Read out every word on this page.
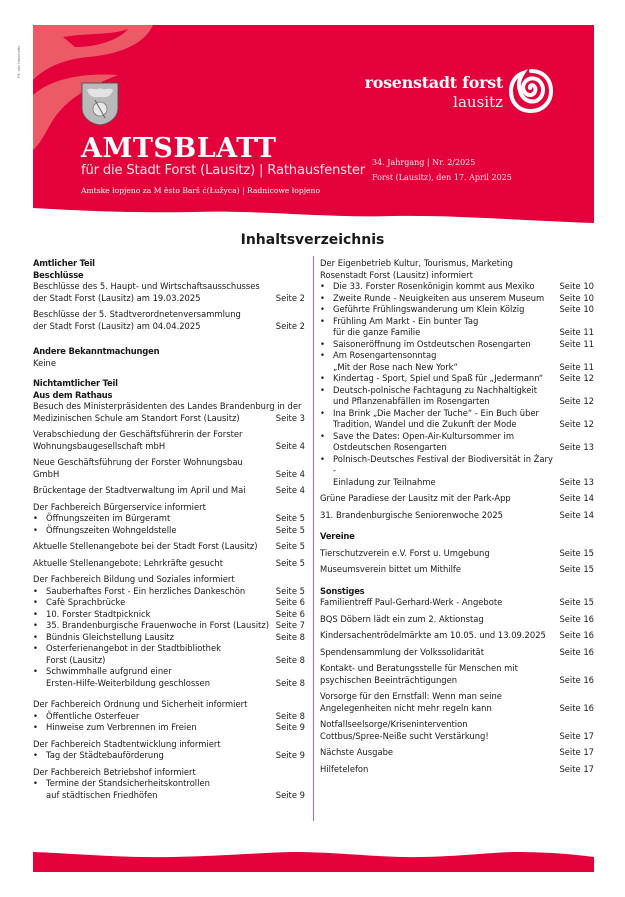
Fit: allo Hauchville
rosenstadt forst
lausitz
AMTSBLATT
für die Stadt Forst (Lausitz) | Rathausfenster
Amtske łopjeno za M ěsto Barš ć(Łužyca) | Radnicowe łopjeno
34. Jahrgang | Nr. 2/2025
Forst (Lausitz), den 17. April 2025
Inhaltsverzeichnis
Amtlicher Teil
Beschlüsse
Beschlüsse des 5. Haupt- und Wirtschaftsausschusses
der Stadt Forst (Lausitz) am 19.03.2025	Seite 2
Beschlüsse der 5. Stadtverordnetenversammlung
der Stadt Forst (Lausitz) am 04.04.2025	Seite 2
Andere Bekanntmachungen
Keine
Nichtamtlicher Teil
Aus dem Rathaus
Besuch des Ministerpräsidenten des Landes Brandenburg in der
Medizinischen Schule am Standort Forst (Lausitz)	Seite 3
Verabschiedung der Geschäftsführerin der Forster
Wohnungsbaugesellschaft mbH	Seite 4
Neue Geschäftsführung der Forster Wohnungsbau GmbH	Seite 4
Brückentage der Stadtverwaltung im April und Mai	Seite 4
Der Fachbereich Bürgerservice informiert
• Öffnungszeiten im Bürgeramt	Seite 5
• Öffnungszeiten Wohngeldstelle	Seite 5
Aktuelle Stellenangebote bei der Stadt Forst (Lausitz)	Seite 5
Aktuelle Stellenangebote: Lehrkräfte gesucht	Seite 5
Der Fachbereich Bildung und Soziales informiert
• Sauberhaftes Forst - Ein herzliches Dankeschön	Seite 5
• Cafè Sprachbrücke	Seite 6
• 10. Forster Stadtpicknick	Seite 6
• 35. Brandenburgische Frauenwoche in Forst (Lausitz) Seite 7
• Bündnis Gleichstellung Lausitz	Seite 8
• Osterferienangebot in der Stadtbibliothek
Forst (Lausitz)	Seite 8
• Schwimmhalle aufgrund einer
Ersten-Hilfe-Weiterbildung geschlossen	Seite 8
Der Fachbereich Ordnung und Sicherheit informiert
• Öffentliche Osterfeuer	Seite 8
• Hinweise zum Verbrennen im Freien	Seite 9
Der Fachbereich Stadtentwicklung informiert
• Tag der Städtebauförderung	Seite 9
Der Fachbereich Betriebshof informiert
• Termine der Standsicherheitskontrollen
auf städtischen Friedhöfen	Seite 9
Der Eigenbetrieb Kultur, Tourismus, Marketing
Rosenstadt Forst (Lausitz) informiert
• Die 33. Forster Rosenkönigin kommt aus Mexiko	Seite 10
• Zweite Runde - Neuigkeiten aus unserem Museum	Seite 10
• Geführte Frühlingswanderung um Klein Kölzig	Seite 10
• Frühling Am Markt - Ein bunter Tag
für die ganze Familie	Seite 11
• Saisoneröffnung im Ostdeutschen Rosengarten	Seite 11
• Am Rosengartensonntag
„Mit der Rose nach New York“	Seite 11
• Kindertag - Sport, Spiel und Spaß für „Jedermann“	Seite 12
• Deutsch-polnische Fachtagung zu Nachhaltigkeit
und Pflanzenabfällen im Rosengarten	Seite 12
• Ina Brink „Die Macher der Tuche“ - Ein Buch über
Tradition, Wandel und die Zukunft der Mode	Seite 12
• Save the Dates: Open-Air-Kultursommer im
Ostdeutschen Rosengarten	Seite 13
• Polnisch-Deutsches Festival der Biodiversität in Żary -
Einladung zur Teilnahme	Seite 13
Grüne Paradiese der Lausitz mit der Park-App	Seite 14
31. Brandenburgische Seniorenwoche 2025	Seite 14
Vereine
Tierschutzverein e.V. Forst u. Umgebung	Seite 15
Museumsverein bittet um Mithilfe	Seite 15
Sonstiges
Familientreff Paul-Gerhard-Werk - Angebote	Seite 15
BQS Döbern lädt ein zum 2. Aktionstag	Seite 16
Kindersachentrödelmärkte am 10.05. und 13.09.2025	Seite 16
Spendensammlung der Volkssolidarität	Seite 16
Kontakt- und Beratungsstelle für Menschen mit
psychischen Beeinträchtigungen	Seite 16
Vorsorge für den Ernstfall: Wenn man seine
Angelegenheiten nicht mehr regeln kann	Seite 16
Notfallseelsorge/Krisenintervention
Cottbus/Spree-Neiße sucht Verstärkung!	Seite 17
Nächste Ausgabe	Seite 17
Hilfetelefon	Seite 17
